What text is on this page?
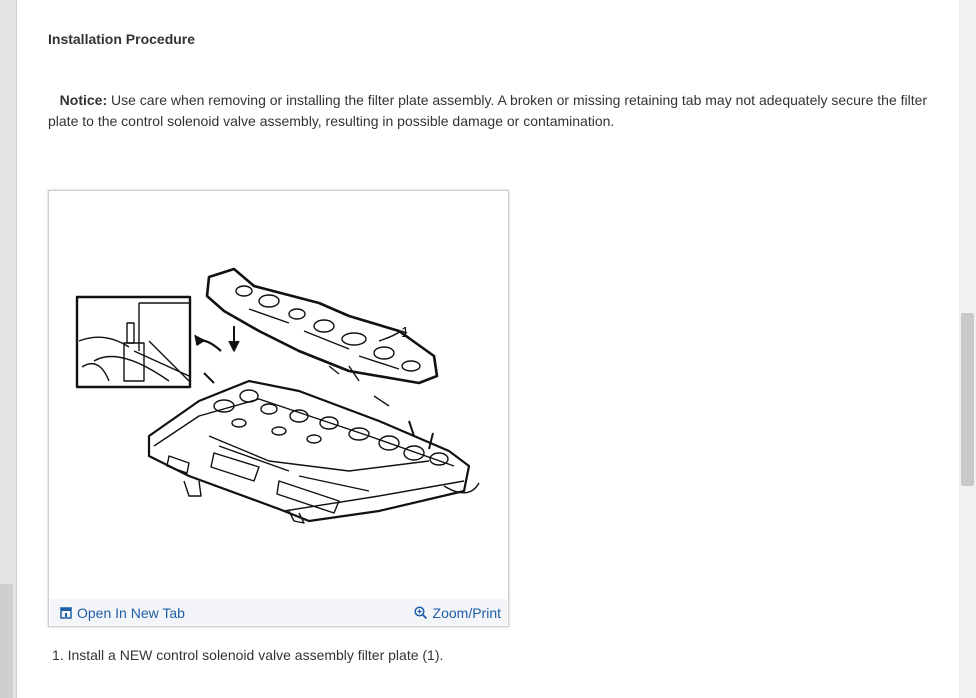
Installation Procedure
Notice: Use care when removing or installing the filter plate assembly. A broken or missing retaining tab may not adequately secure the filter plate to the control solenoid valve assembly, resulting in possible damage or contamination.
1
Open In New Tab	Zoom/Print
1. Install a NEW control solenoid valve assembly filter plate (1).
